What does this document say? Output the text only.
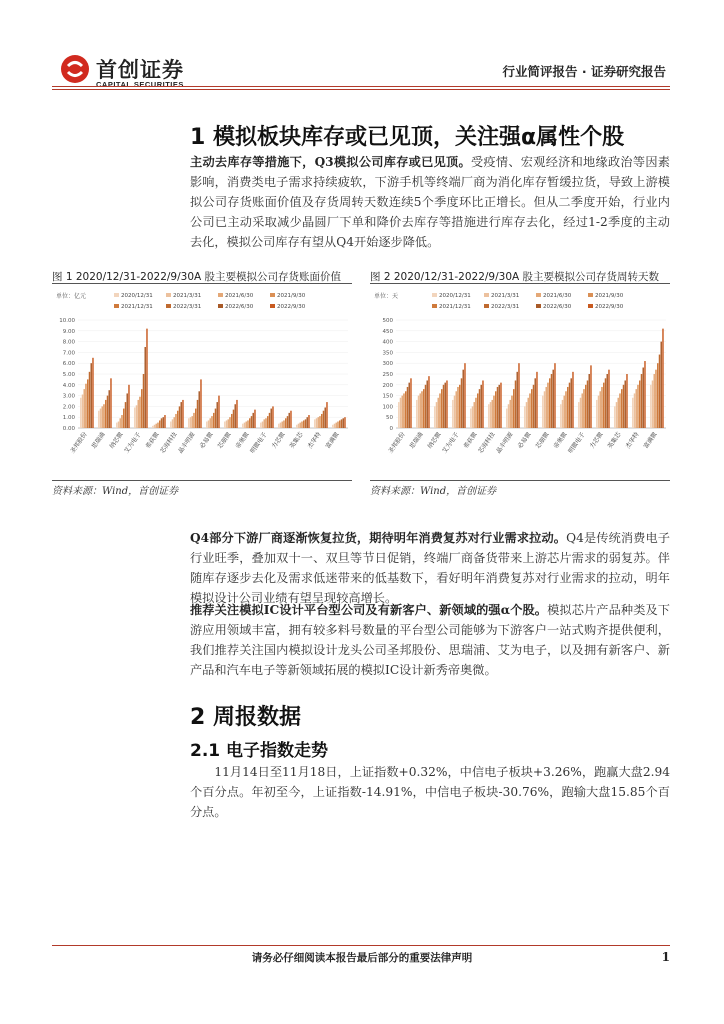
首创证券
CAPITAL SECURITIES
行业简评报告 · 证券研究报告
1 模拟板块库存或已见顶，关注强α属性个股

主动去库存等措施下，Q3模拟公司库存或已见顶。受疫情、宏观经济和地缘政治等因素影响，消费类电子需求持续疲软，下游手机等终端厂商为消化库存暂缓拉货，导致上游模拟公司存货账面价值及存货周转天数连续5个季度环比正增长。但从二季度开始，行业内公司已主动采取减少晶圆厂下单和降价去库存等措施进行库存去化，经过1-2季度的主动去化，模拟公司库存有望从Q4开始逐步降低。

图 1 2020/12/31-2022/9/30A 股主要模拟公司存货账面价值	图 2 2020/12/31-2022/9/30A 股主要模拟公司存货周转天数
单位：亿元	2020/12/31	2021/3/31	2021/6/30	2021/9/30
2021/12/31	2022/3/31	2022/6/30	2022/9/30
0.00
1.00
2.00
3.00
4.00
5.00
6.00
7.00
8.00
9.00
10.00
圣邦股份 思瑞浦 纳芯微
艾为电子 希荻微
芯海科技
晶丰明源 必易微 芯朋微 帝奥微
明微电子 力芯微 英集芯 杰华特 富满微
单位：天	2020/12/31	2021/3/31	2021/6/30	2021/9/30
2021/12/31	2022/3/31	2022/6/30	2022/9/30
0
50
100
150
200
250
300
350
400
450
500
圣邦股份 思瑞浦 纳芯微
艾为电子 希荻微
芯海科技
晶丰明源 必易微 芯朋微 帝奥微
明微电子 力芯微 英集芯 杰华特 富满微
资料来源：Wind，首创证券	资料来源：Wind，首创证券

Q4部分下游厂商逐渐恢复拉货，期待明年消费复苏对行业需求拉动。Q4是传统消费电子行业旺季，叠加双十一、双旦等节日促销，终端厂商备货带来上游芯片需求的弱复苏。伴随库存逐步去化及需求低迷带来的低基数下，看好明年消费复苏对行业需求的拉动，明年模拟设计公司业绩有望呈现较高增长。

推荐关注模拟IC设计平台型公司及有新客户、新领域的强α个股。模拟芯片产品种类及下游应用领域丰富，拥有较多料号数量的平台型公司能够为下游客户一站式购齐提供便利，我们推荐关注国内模拟设计龙头公司圣邦股份、思瑞浦、艾为电子，以及拥有新客户、新产品和汽车电子等新领域拓展的模拟IC设计新秀帝奥微。

2 周报数据
2.1 电子指数走势

11月14日至11月18日，上证指数+0.32%，中信电子板块+3.26%，跑赢大盘2.94个百分点。年初至今，上证指数-14.91%，中信电子板块-30.76%，跑输大盘15.85个百分点。

请务必仔细阅读本报告最后部分的重要法律声明	1
